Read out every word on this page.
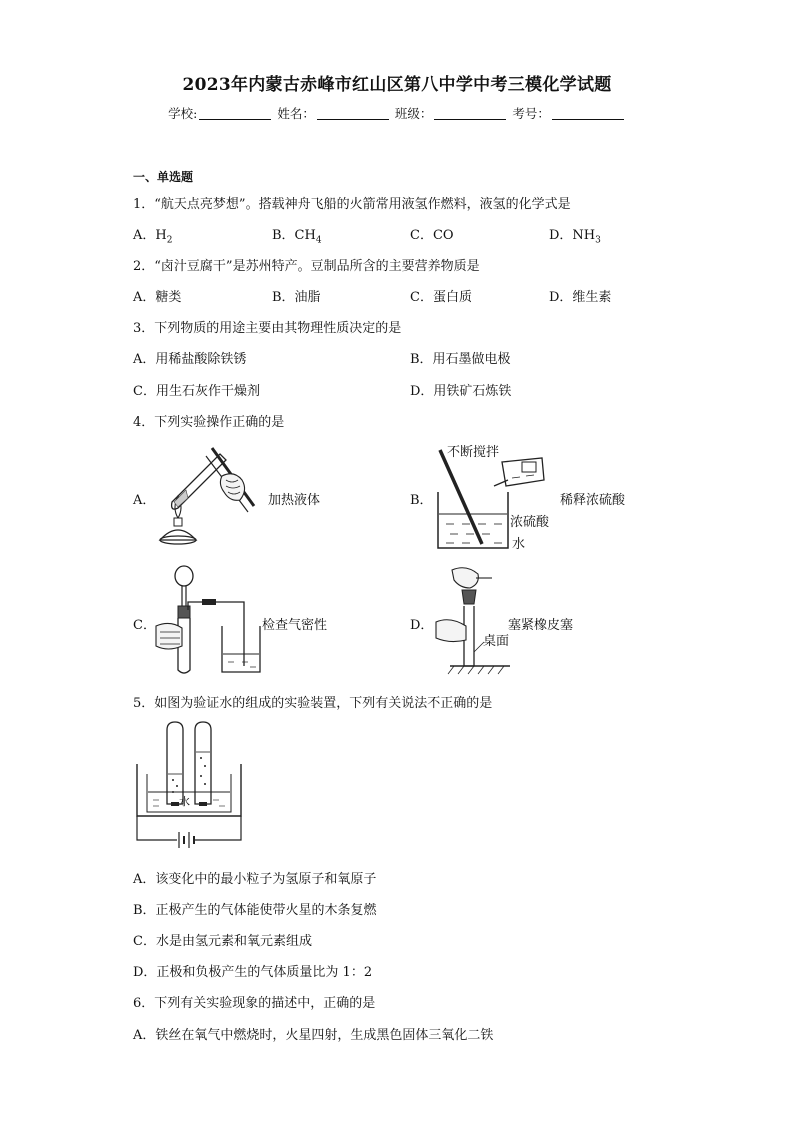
2023年内蒙古赤峰市红山区第八中学中考三模化学试题
学校:	姓名：	班级：	考号：
一、单选题
1．“航天点亮梦想”。搭载神舟飞船的火箭常用液氢作燃料，液氢的化学式是
A．$H_2$	B．$CH_4$	C．CO	D．$NH_3$
2．“卤汁豆腐干”是苏州特产。豆制品所含的主要营养物质是
A．糖类	B．油脂	C．蛋白质	D．维生素
3．下列物质的用途主要由其物理性质决定的是
A．用稀盐酸除铁锈	B．用石墨做电极
C．用生石灰作干燥剂	D．用铁矿石炼铁
4．下列实验操作正确的是
A．	B．
C．	D．
加热液体
不断搅拌
稀释浓硫酸
浓硫酸
水
检查气密性	塞紧橡皮塞
桌面
5．如图为验证水的组成的实验装置，下列有关说法不正确的是
水
A．该变化中的最小粒子为氢原子和氧原子
B．正极产生的气体能使带火星的木条复燃
C．水是由氢元素和氧元素组成
D．正极和负极产生的气体质量比为 1：2
6．下列有关实验现象的描述中，正确的是
A．铁丝在氧气中燃烧时，火星四射，生成黑色固体三氧化二铁
